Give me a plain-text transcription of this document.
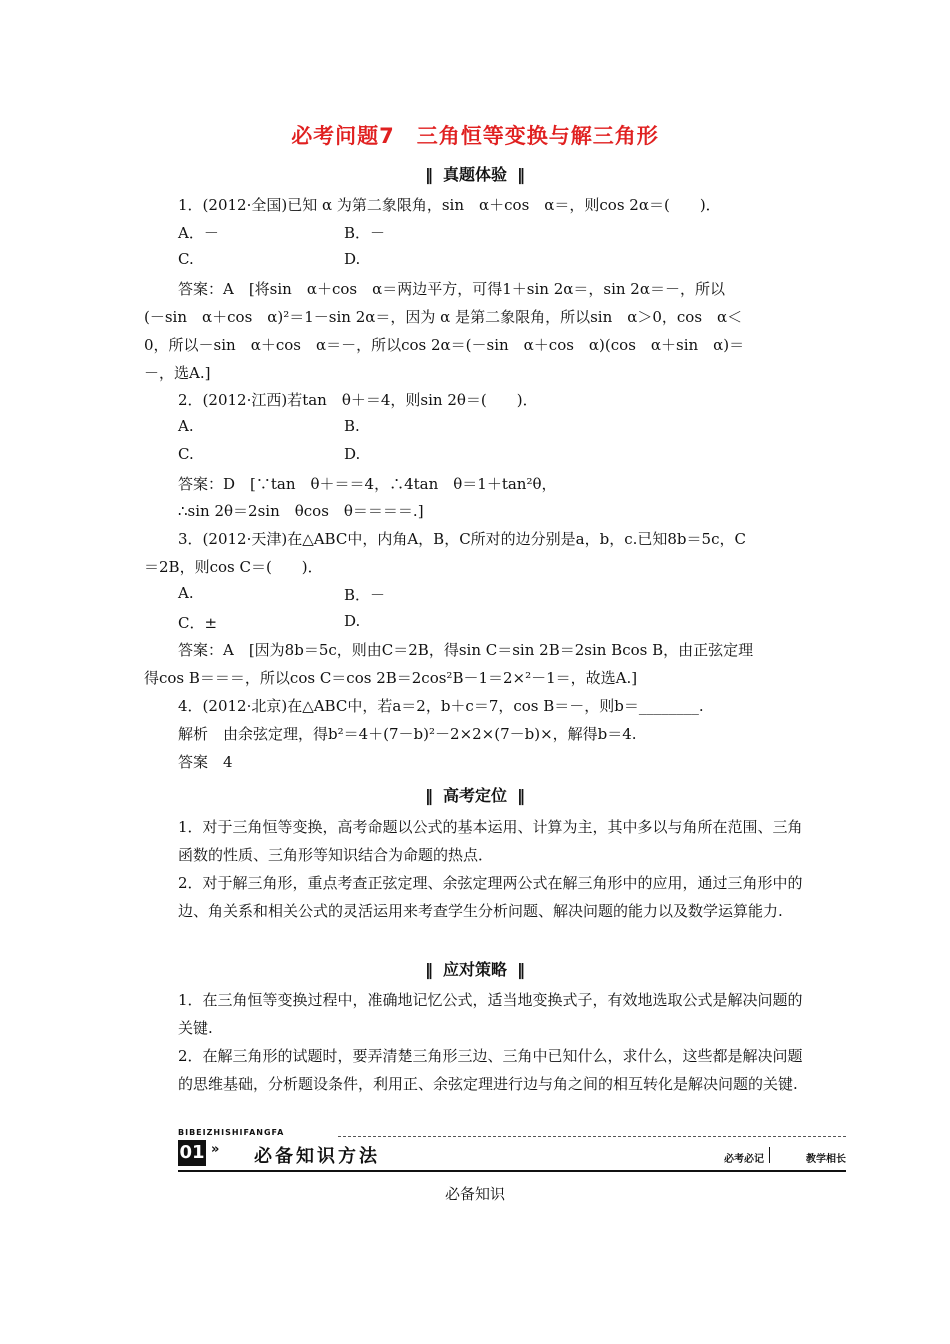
必考问题7　三角恒等变换与解三角形
‖ 真题体验 ‖
1．(2012·全国)已知 α 为第二象限角，sin　α＋cos　α＝，则cos 2α＝(　　)．
A．－	B．－
C.	D.
答案：A　[将sin　α＋cos　α＝两边平方，可得1＋sin 2α＝，sin 2α＝－，所以
(－sin　α＋cos　α)²＝1－sin 2α＝，因为 α 是第二象限角，所以sin　α＞0，cos　α＜
0，所以－sin　α＋cos　α＝－，所以cos 2α＝(－sin　α＋cos　α)(cos　α＋sin　α)＝
－，选A.]
2．(2012·江西)若tan　θ＋＝4，则sin 2θ＝(　　)．
A.	B.
C.	D.
答案：D　[∵tan　θ＋＝＝4，∴4tan　θ＝1＋tan²θ，
∴sin 2θ＝2sin　θcos　θ＝＝＝＝.]
3．(2012·天津)在△ABC中，内角A，B，C所对的边分别是a，b，c.已知8b＝5c，C
＝2B，则cos C＝(　　)．
A.	B．－
C．±	D.
答案：A　[因为8b＝5c，则由C＝2B，得sin C＝sin 2B＝2sin Bcos B，由正弦定理
得cos B＝＝＝，所以cos C＝cos 2B＝2cos²B－1＝2×²－1＝，故选A.]
4．(2012·北京)在△ABC中，若a＝2，b＋c＝7，cos B＝－，则b＝________.
解析　由余弦定理，得b²＝4＋(7－b)²－2×2×(7－b)×，解得b＝4.
答案　4
‖ 高考定位 ‖
1．对于三角恒等变换，高考命题以公式的基本运用、计算为主，其中多以与角所在范围、三角函数的性质、三角形等知识结合为命题的热点．
2．对于解三角形，重点考查正弦定理、余弦定理两公式在解三角形中的应用，通过三角形中的边、角关系和相关公式的灵活运用来考查学生分析问题、解决问题的能力以及数学运算能力.
‖ 应对策略 ‖
1．在三角恒等变换过程中，准确地记忆公式，适当地变换式子，有效地选取公式是解决问题的关键.
2．在解三角形的试题时，要弄清楚三角形三边、三角中已知什么，求什么，这些都是解决问题的思维基础，分析题设条件，利用正、余弦定理进行边与角之间的相互转化是解决问题的关键.
BIBEIZHISHIFANGFA
01 » 必备知识方法	必考必记	教学相长
必备知识
